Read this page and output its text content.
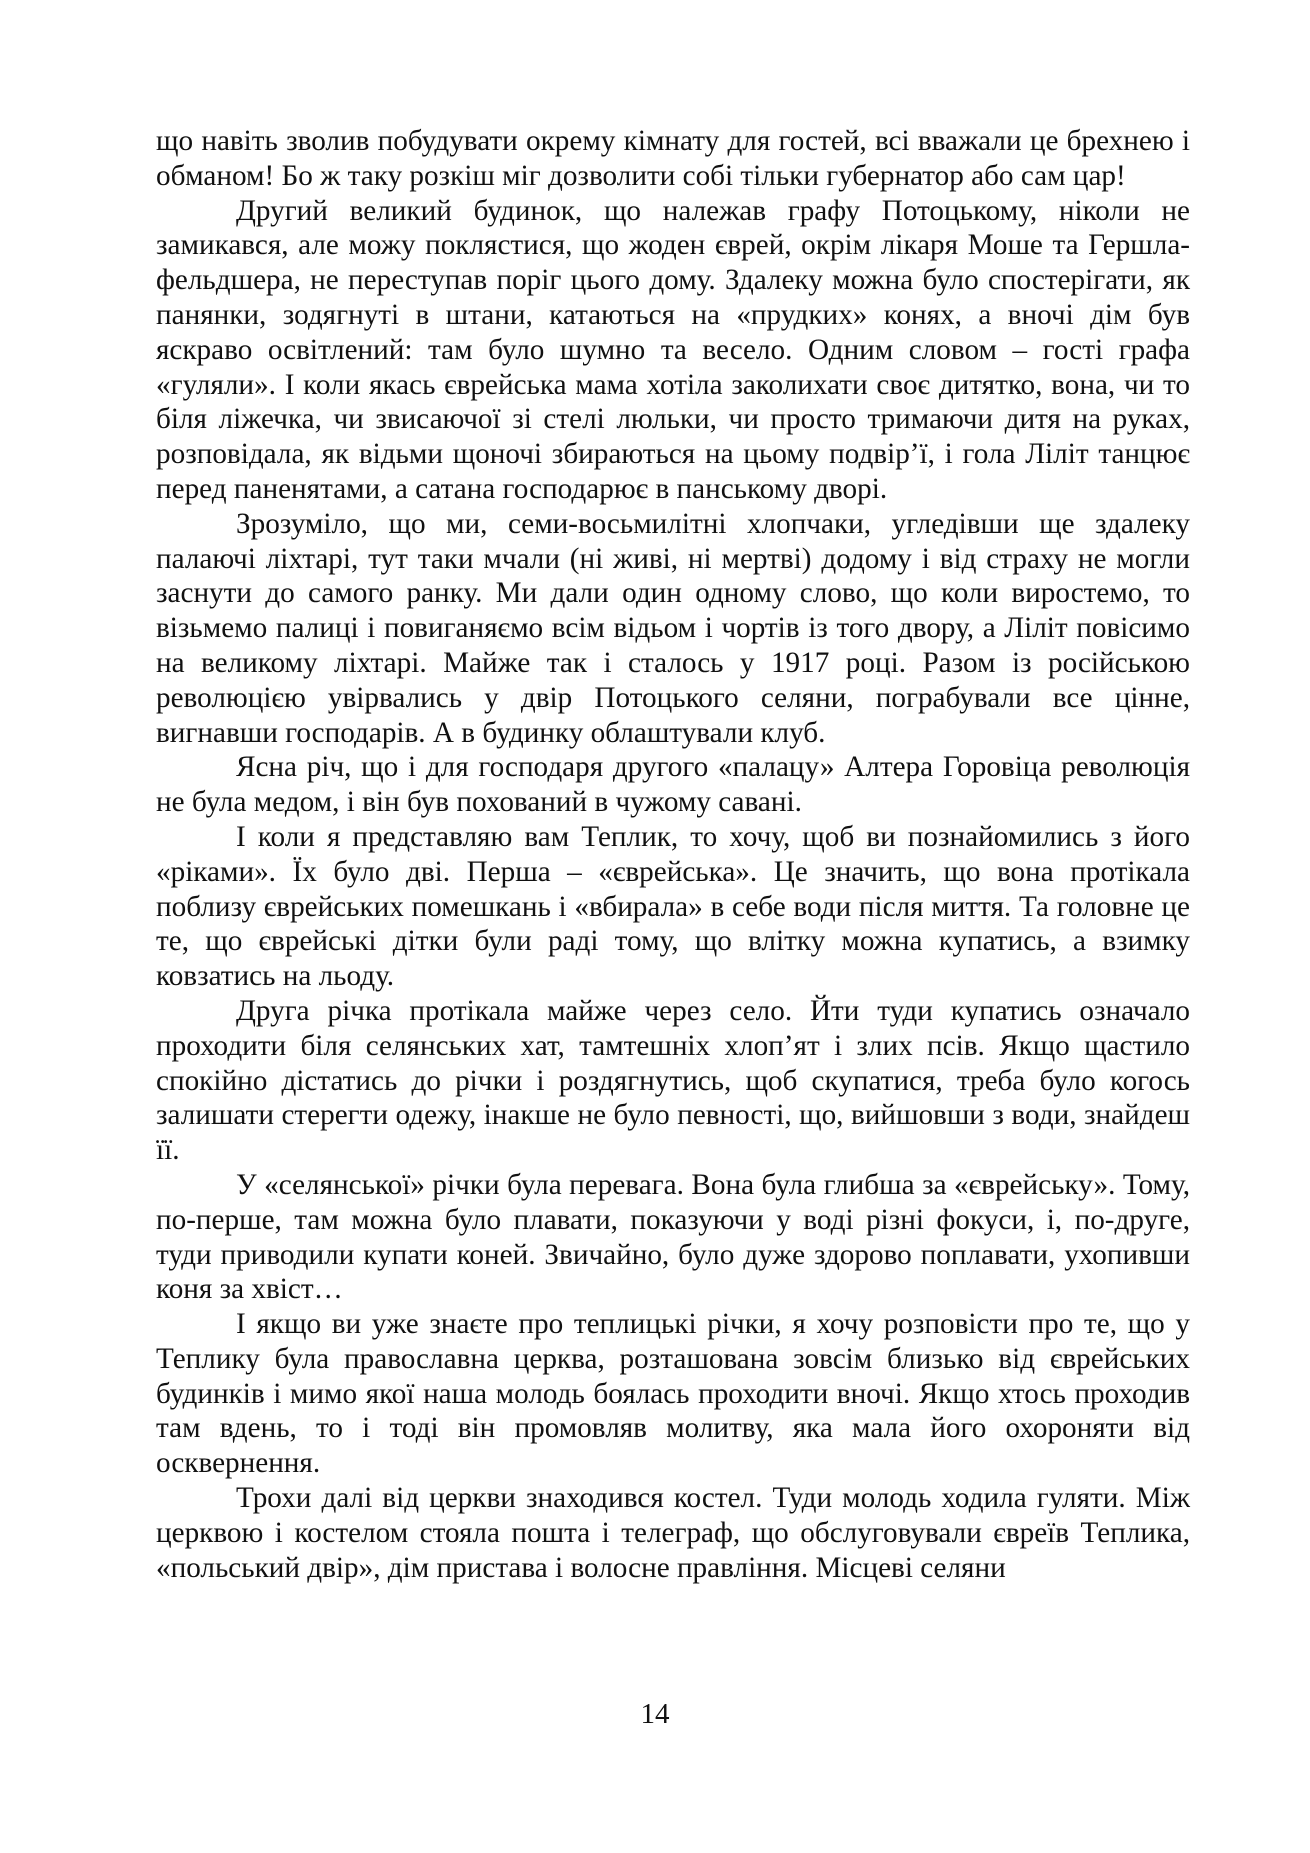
що навіть зволив побудувати окрему кімнату для гостей, всі вважали це брехнею і обманом! Бо ж таку розкіш міг дозволити собі тільки губернатор або сам цар!

Другий великий будинок, що належав графу Потоцькому, ніколи не замикався, але можу поклястися, що жоден єврей, окрім лікаря Моше та Гершла-фельдшера, не переступав поріг цього дому. Здалеку можна було спостерігати, як панянки, зодягнуті в штани, катаються на «прудких» конях, а вночі дім був яскраво освітлений: там було шумно та весело. Одним словом – гості графа «гуляли». І коли якась єврейська мама хотіла заколихати своє дитятко, вона, чи то біля ліжечка, чи звисаючої зі стелі люльки, чи просто тримаючи дитя на руках, розповідала, як відьми щоночі збираються на цьому подвір’ї, і гола Ліліт танцює перед паненятами, а сатана господарює в панському дворі.

Зрозуміло, що ми, семи-восьмилітні хлопчаки, угледівши ще здалеку палаючі ліхтарі, тут таки мчали (ні живі, ні мертві) додому і від страху не могли заснути до самого ранку. Ми дали один одному слово, що коли виростемо, то візьмемо палиці і повиганяємо всім відьом і чортів із того двору, а Ліліт повісимо на великому ліхтарі. Майже так і сталось у 1917 році. Разом із російською революцією увірвались у двір Потоцького селяни, пограбували все цінне, вигнавши господарів. А в будинку облаштували клуб.

Ясна річ, що і для господаря другого «палацу» Алтера Горовіца революція не була медом, і він був похований в чужому савані.

І коли я представляю вам Теплик, то хочу, щоб ви познайомились з його «ріками». Їх було дві. Перша – «єврейська». Це значить, що вона протікала поблизу єврейських помешкань і «вбирала» в себе води після миття. Та головне це те, що єврейські дітки були раді тому, що влітку можна купатись, а взимку ковзатись на льоду.

Друга річка протікала майже через село. Йти туди купатись означало проходити біля селянських хат, тамтешніх хлоп’ят і злих псів. Якщо щастило спокійно дістатись до річки і роздягнутись, щоб скупатися, треба було когось залишати стерегти одежу, інакше не було певності, що, вийшовши з води, знайдеш її.

У «селянської» річки була перевага. Вона була глибша за «єврейську». Тому, по-перше, там можна було плавати, показуючи у воді різні фокуси, і, по-друге, туди приводили купати коней. Звичайно, було дуже здорово поплавати, ухопивши коня за хвіст…

І якщо ви уже знаєте про теплицькі річки, я хочу розповісти про те, що у Теплику була православна церква, розташована зовсім близько від єврейських будинків і мимо якої наша молодь боялась проходити вночі. Якщо хтось проходив там вдень, то і тоді він промовляв молитву, яка мала його охороняти від осквернення.

Трохи далі від церкви знаходився костел. Туди молодь ходила гуляти. Між церквою і костелом стояла пошта і телеграф, що обслуговували євреїв Теплика, «польський двір», дім пристава і волосне правління. Місцеві селяни

14
